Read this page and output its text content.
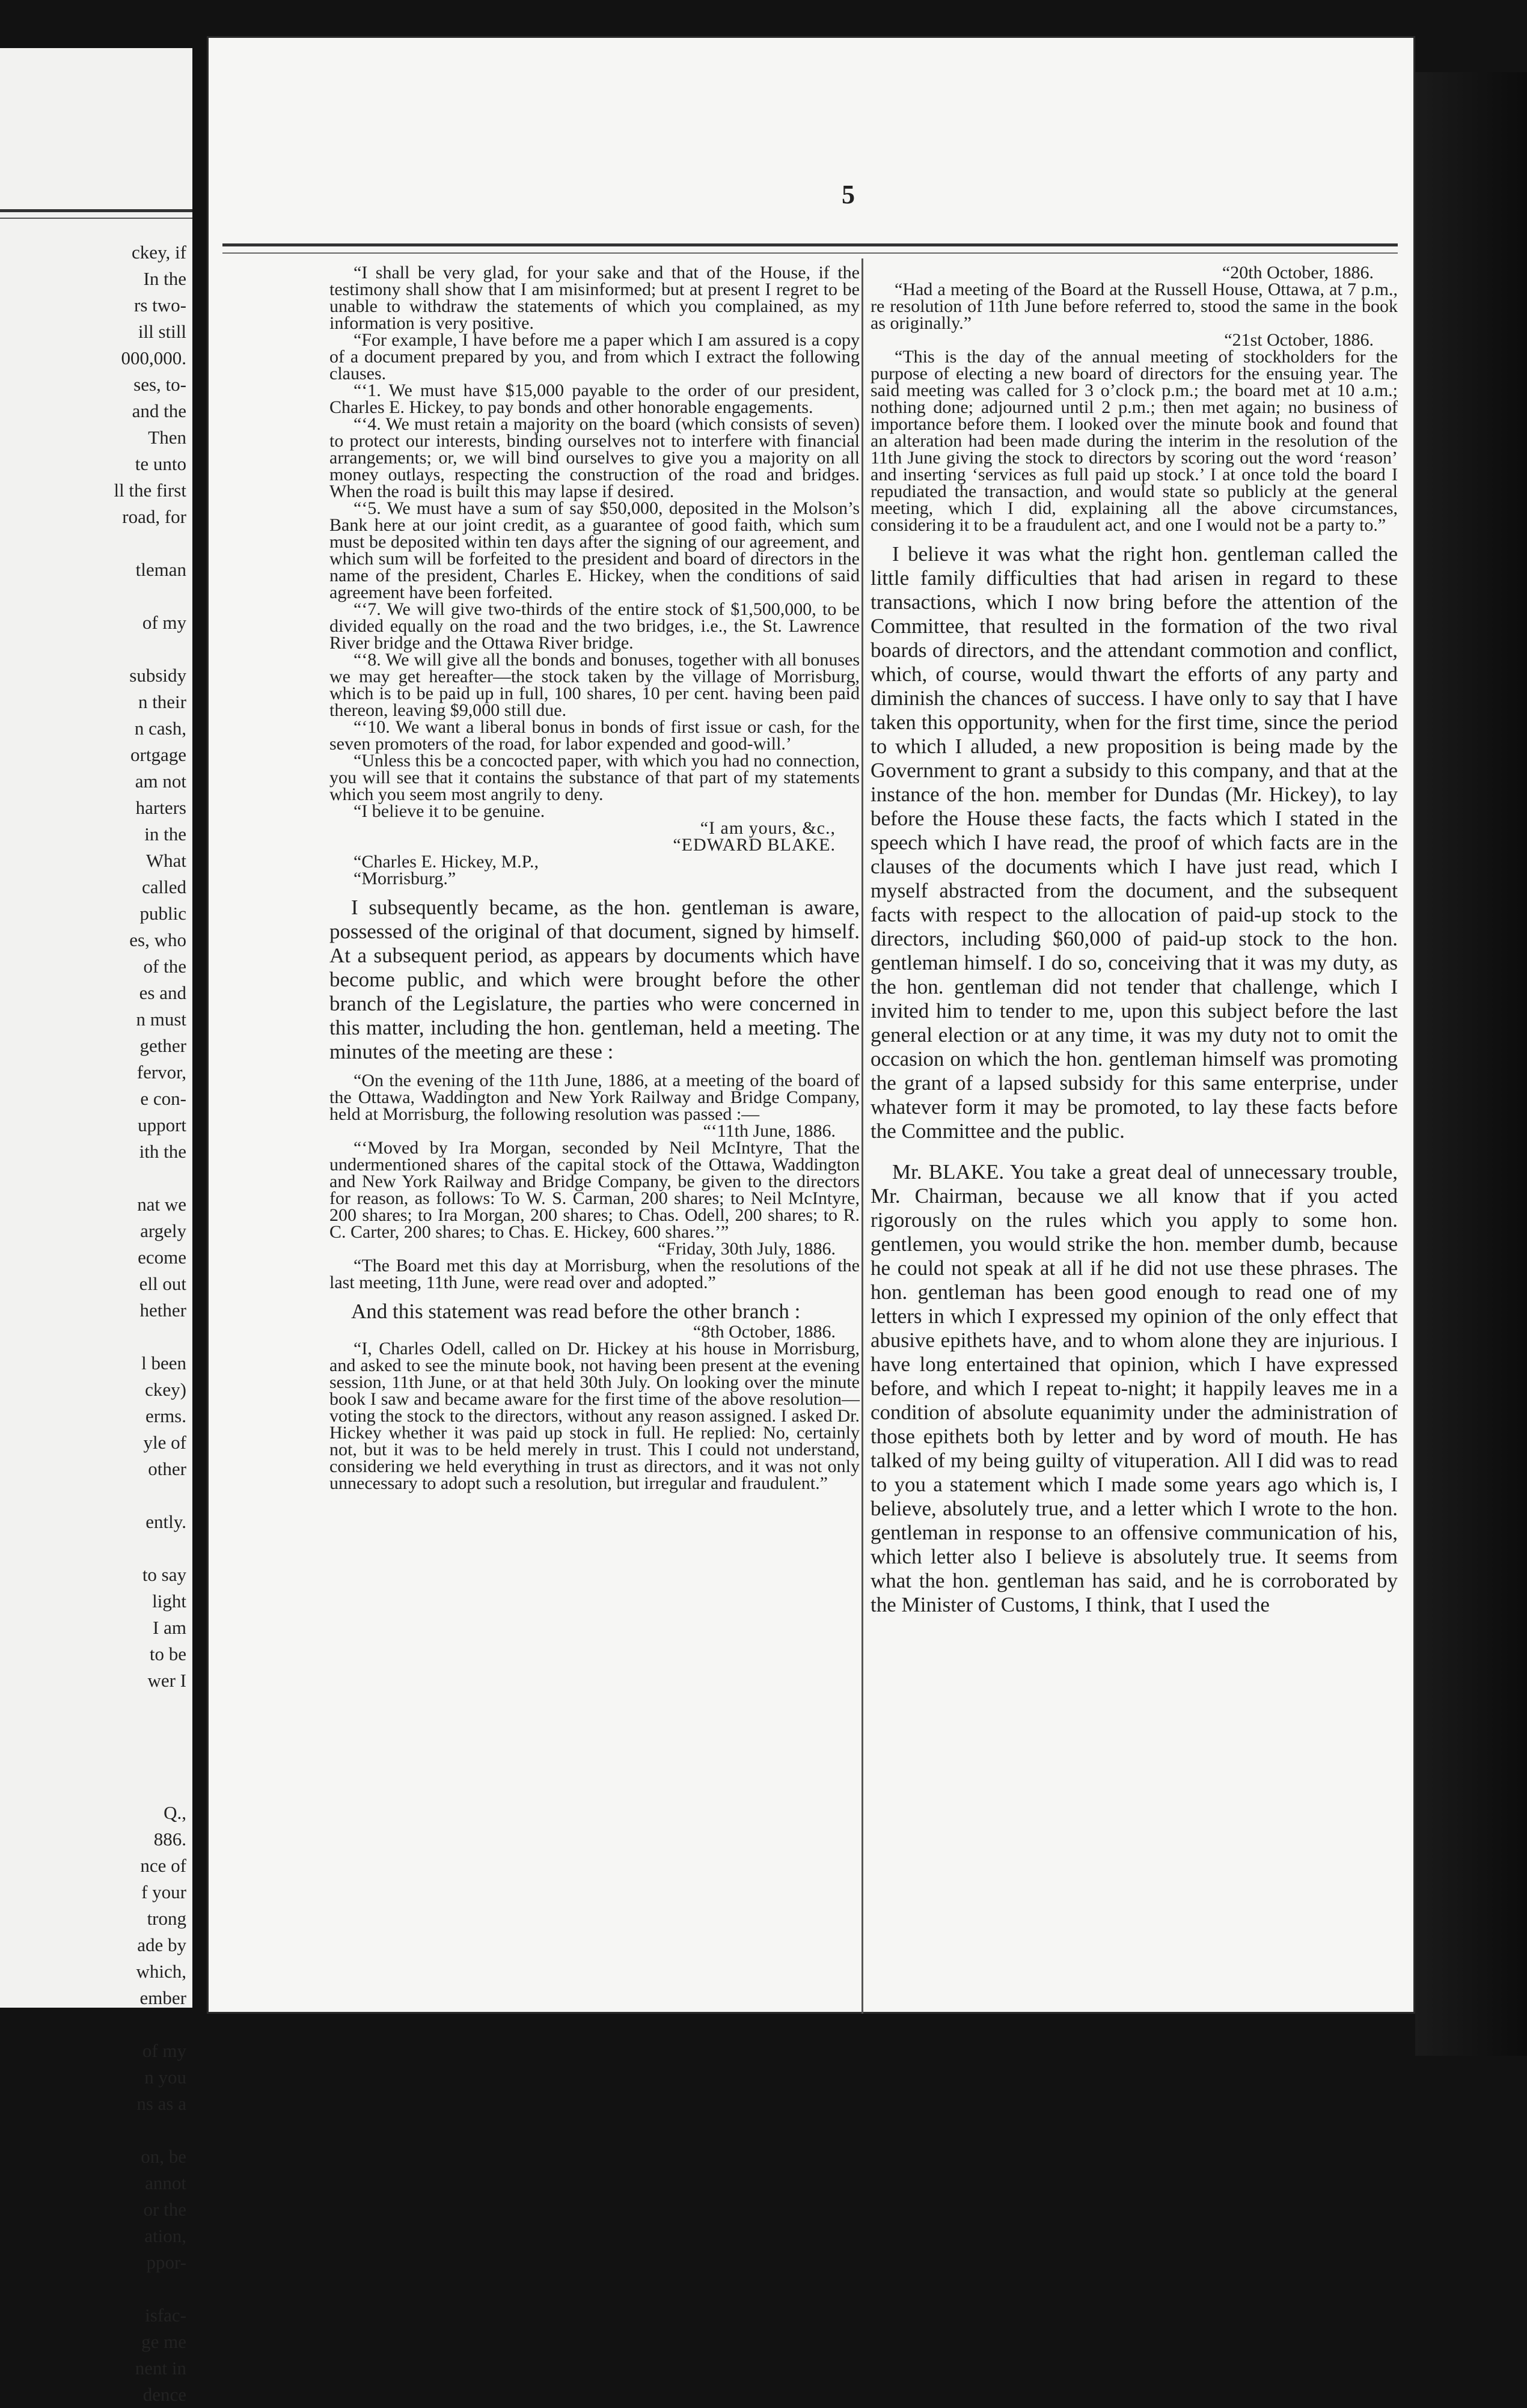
ckey, if
In the
rs two-
ill still
000,000.
ses, to-
and the
Then
te unto
ll the first
road, for
tleman
of my
subsidy
n their
n cash,
ortgage
am not
harters
in the
What
called
public
es, who
of the
es and
n must
gether
fervor,
e con-
upport
ith the
nat we
argely
ecome
ell out
hether
l been
ckey)
erms.
yle of
other
ently.
to say
light
I am
to be
wer I
Q.,
886.
nce of
f your
trong
ade by
which,
ember
of my
n you
ns as a
on, be
annot
or the
ation,
ppor-
isfac-
ge me
nent in
dence
5

“I shall be very glad, for your sake and that of the House, if the testimony shall show that I am misinformed; but at present I regret to be unable to withdraw the statements of which you complained, as my information is very positive.

“For example, I have before me a paper which I am assured is a copy of a document prepared by you, and from which I extract the following clauses.

“‘1. We must have $15,000 payable to the order of our president, Charles E. Hickey, to pay bonds and other honorable engagements.

“‘4. We must retain a majority on the board (which consists of seven) to protect our interests, binding ourselves not to interfere with financial arrangements; or, we will bind ourselves to give you a majority on all money outlays, respecting the construction of the road and bridges. When the road is built this may lapse if desired.

“‘5. We must have a sum of say $50,000, deposited in the Molson’s Bank here at our joint credit, as a guarantee of good faith, which sum must be deposited within ten days after the signing of our agreement, and which sum will be forfeited to the president and board of directors in the name of the president, Charles E. Hickey, when the conditions of said agreement have been forfeited.

“‘7. We will give two-thirds of the entire stock of $1,500,000, to be divided equally on the road and the two bridges, i.e., the St. Lawrence River bridge and the Ottawa River bridge.

“‘8. We will give all the bonds and bonuses, together with all bonuses we may get hereafter—the stock taken by the village of Morrisburg, which is to be paid up in full, 100 shares, 10 per cent. having been paid thereon, leaving $9,000 still due.

“‘10. We want a liberal bonus in bonds of first issue or cash, for the seven promoters of the road, for labor expended and good-will.’

“Unless this be a concocted paper, with which you had no connection, you will see that it contains the substance of that part of my statements which you seem most angrily to deny.

“I believe it to be genuine.

“I am yours, &c.,

“EDWARD BLAKE.

“Charles E. Hickey, M.P.,

“Morrisburg.”

I subsequently became, as the hon. gentleman is aware, possessed of the original of that document, signed by himself. At a subsequent period, as appears by documents which have become public, and which were brought before the other branch of the Legislature, the parties who were concerned in this matter, including the hon. gentleman, held a meeting. The minutes of the meeting are these :

“On the evening of the 11th June, 1886, at a meeting of the board of the Ottawa, Waddington and New York Railway and Bridge Company, held at Morrisburg, the following resolution was passed :—

“‘11th June, 1886.

“‘Moved by Ira Morgan, seconded by Neil McIntyre, That the undermentioned shares of the capital stock of the Ottawa, Waddington and New York Railway and Bridge Company, be given to the directors for reason, as follows: To W. S. Carman, 200 shares; to Neil McIntyre, 200 shares; to Ira Morgan, 200 shares; to Chas. Odell, 200 shares; to R. C. Carter, 200 shares; to Chas. E. Hickey, 600 shares.’”

“Friday, 30th July, 1886.

“The Board met this day at Morrisburg, when the resolutions of the last meeting, 11th June, were read over and adopted.”

And this statement was read before the other branch :

“8th October, 1886.

“I, Charles Odell, called on Dr. Hickey at his house in Morrisburg, and asked to see the minute book, not having been present at the evening session, 11th June, or at that held 30th July. On looking over the minute book I saw and became aware for the first time of the above resolution—voting the stock to the directors, without any reason assigned. I asked Dr. Hickey whether it was paid up stock in full. He replied: No, certainly not, but it was to be held merely in trust. This I could not understand, considering we held everything in trust as directors, and it was not only unnecessary to adopt such a resolution, but irregular and fraudulent.”

“20th October, 1886.

“Had a meeting of the Board at the Russell House, Ottawa, at 7 p.m., re resolution of 11th June before referred to, stood the same in the book as originally.”

“21st October, 1886.

“This is the day of the annual meeting of stockholders for the purpose of electing a new board of directors for the ensuing year. The said meeting was called for 3 o’clock p.m.; the board met at 10 a.m.; nothing done; adjourned until 2 p.m.; then met again; no business of importance before them. I looked over the minute book and found that an alteration had been made during the interim in the resolution of the 11th June giving the stock to directors by scoring out the word ‘reason’ and inserting ‘services as full paid up stock.’ I at once told the board I repudiated the transaction, and would state so publicly at the general meeting, which I did, explaining all the above circumstances, considering it to be a fraudulent act, and one I would not be a party to.”

I believe it was what the right hon. gentleman called the little family difficulties that had arisen in regard to these transactions, which I now bring before the attention of the Committee, that resulted in the formation of the two rival boards of directors, and the attendant commotion and conflict, which, of course, would thwart the efforts of any party and diminish the chances of success. I have only to say that I have taken this opportunity, when for the first time, since the period to which I alluded, a new proposition is being made by the Government to grant a subsidy to this company, and that at the instance of the hon. member for Dundas (Mr. Hickey), to lay before the House these facts, the facts which I stated in the speech which I have read, the proof of which facts are in the clauses of the documents which I have just read, which I myself abstracted from the document, and the subsequent facts with respect to the allocation of paid-up stock to the directors, including $60,000 of paid-up stock to the hon. gentleman himself. I do so, conceiving that it was my duty, as the hon. gentleman did not tender that challenge, which I invited him to tender to me, upon this subject before the last general election or at any time, it was my duty not to omit the occasion on which the hon. gentleman himself was promoting the grant of a lapsed subsidy for this same enterprise, under whatever form it may be promoted, to lay these facts before the Committee and the public.

Mr. BLAKE. You take a great deal of unnecessary trouble, Mr. Chairman, because we all know that if you acted rigorously on the rules which you apply to some hon. gentlemen, you would strike the hon. member dumb, because he could not speak at all if he did not use these phrases. The hon. gentleman has been good enough to read one of my letters in which I expressed my opinion of the only effect that abusive epithets have, and to whom alone they are injurious. I have long entertained that opinion, which I have expressed before, and which I repeat to-night; it happily leaves me in a condition of absolute equanimity under the administration of those epithets both by letter and by word of mouth. He has talked of my being guilty of vituperation. All I did was to read to you a statement which I made some years ago which is, I believe, absolutely true, and a letter which I wrote to the hon. gentleman in response to an offensive communication of his, which letter also I believe is absolutely true. It seems from what the hon. gentleman has said, and he is corroborated by the Minister of Customs, I think, that I used the
